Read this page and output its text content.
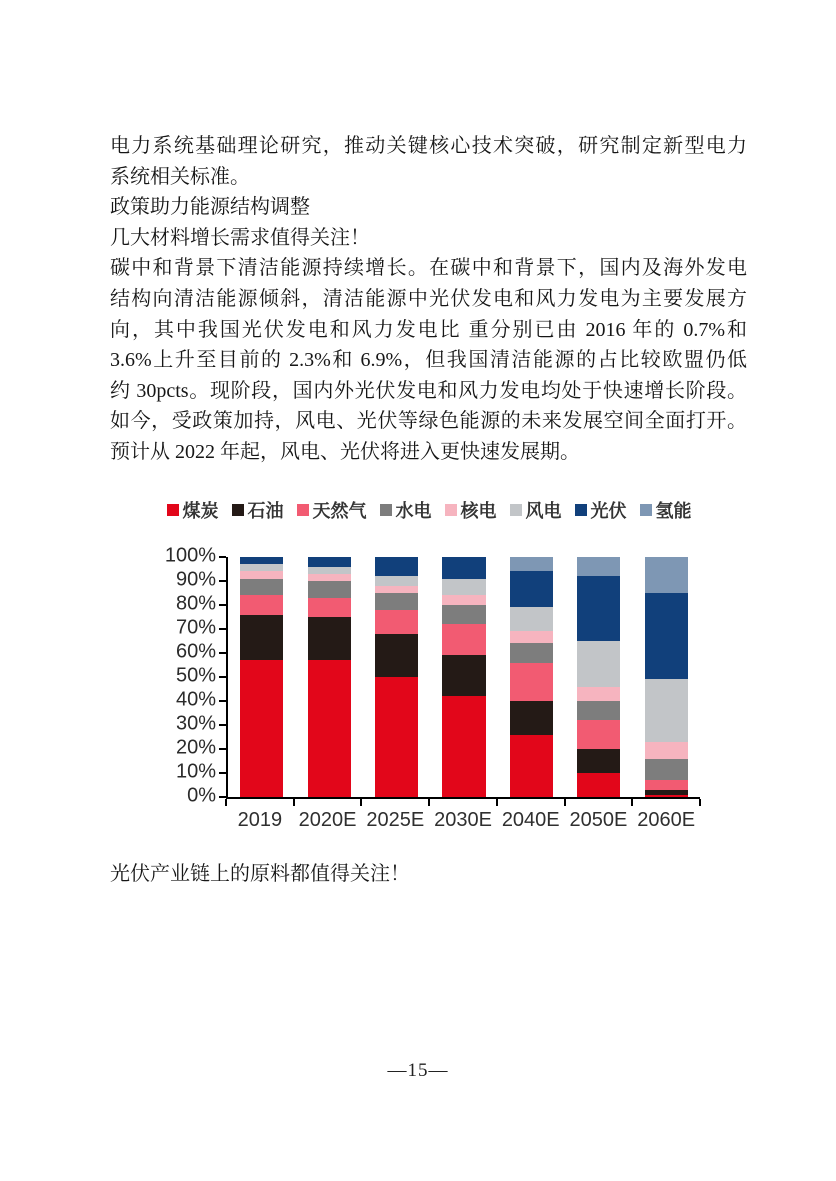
电力系统基础理论研究，推动关键核心技术突破，研究制定新型电力
系统相关标准。
政策助力能源结构调整
几大材料增长需求值得关注！
碳中和背景下清洁能源持续增长。在碳中和背景下，国内及海外发电
结构向清洁能源倾斜，清洁能源中光伏发电和风力发电为主要发展方
向，其中我国光伏发电和风力发电比 重分别已由 2016 年的 0.7%和
3.6%上升至目前的 2.3%和 6.9%，但我国清洁能源的占比较欧盟仍低
约 30pcts。现阶段，国内外光伏发电和风力发电均处于快速增长阶段。
如今，受政策加持，风电、光伏等绿色能源的未来发展空间全面打开。
预计从 2022 年起，风电、光伏将进入更快速发展期。
煤炭 石油 天然气 水电 核电 风电 光伏 氢能
100%
90%
80%
70%
60%
50%
40%
30%
20%
10%
0%
2019 2020E 2025E 2030E 2040E 2050E 2060E
光伏产业链上的原料都值得关注！
—15—
